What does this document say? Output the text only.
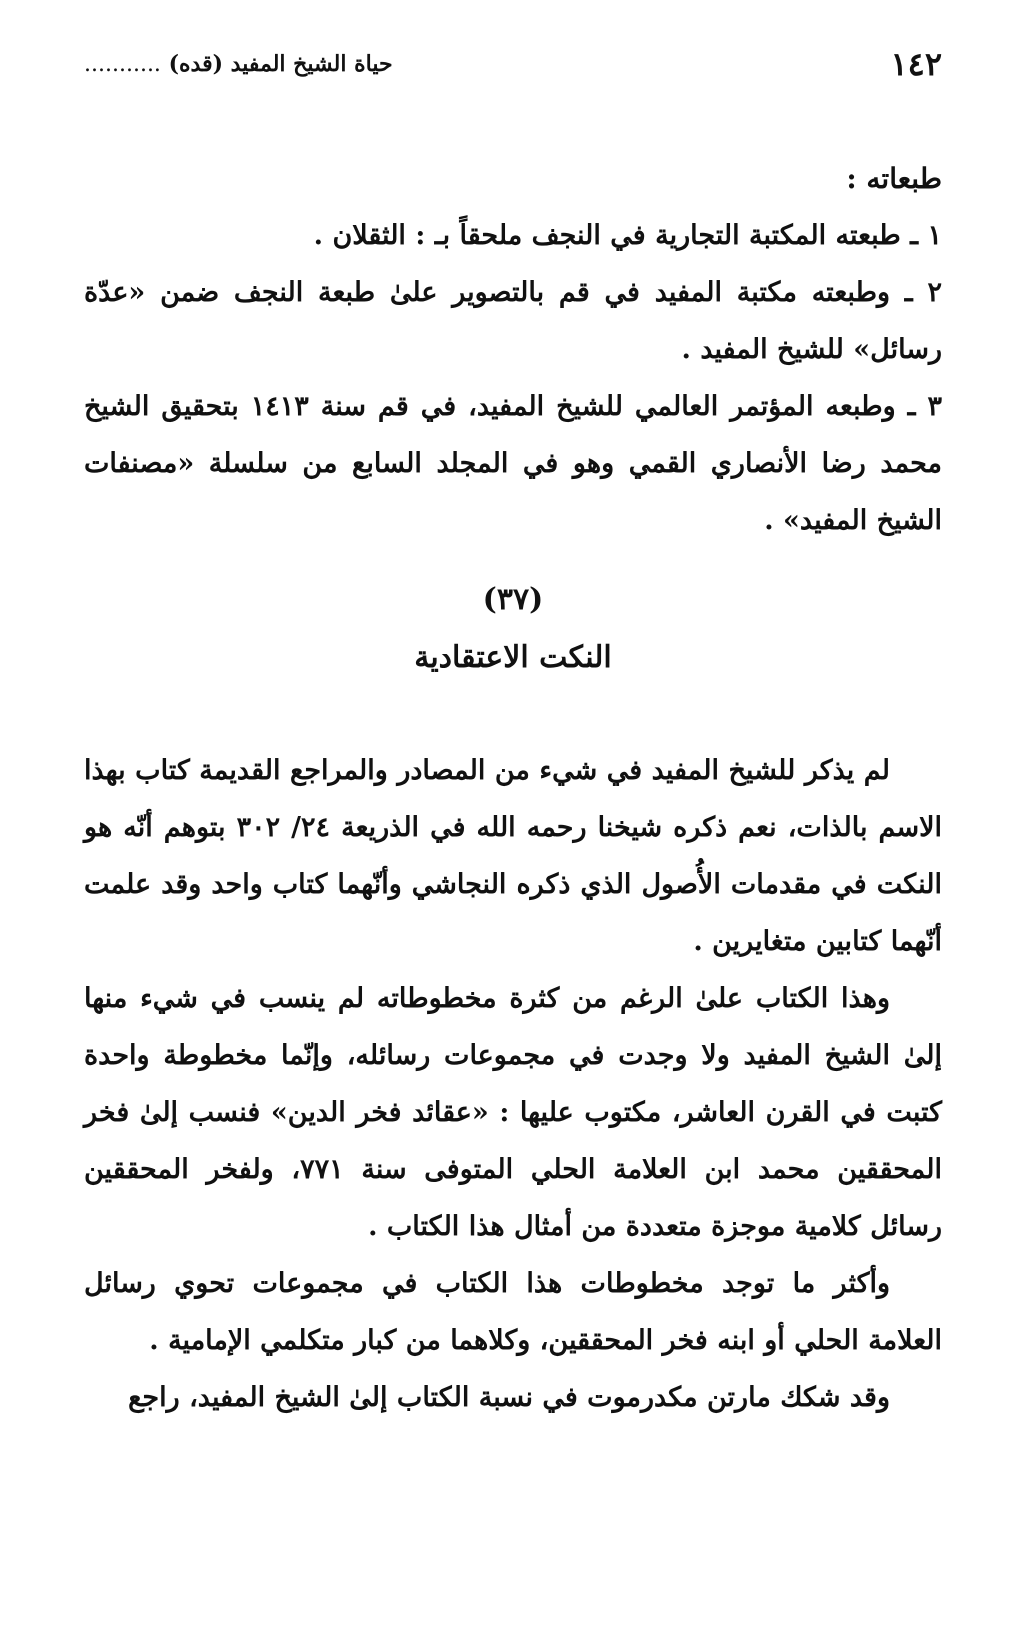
١٤٢
حياة الشيخ المفيد (قده) ...........

طبعاته :

١ ـ طبعته المكتبة التجارية في النجف ملحقاً بـ : الثقلان .

٢ ـ وطبعته مكتبة المفيد في قم بالتصوير علىٰ طبعة النجف ضمن «عدّة رسائل» للشيخ المفيد .

٣ ـ وطبعه المؤتمر العالمي للشيخ المفيد، في قم سنة ١٤١٣ بتحقيق الشيخ محمد رضا الأنصاري القمي وهو في المجلد السابع من سلسلة «مصنفات الشيخ المفيد» .

(٣٧)
النكت الاعتقادية

لم يذكر للشيخ المفيد في شيء من المصادر والمراجع القديمة كتاب بهذا الاسم بالذات، نعم ذكره شيخنا رحمه الله في الذريعة ٢٤/ ٣٠٢ بتوهم أنّه هو النكت في مقدمات الأُصول الذي ذكره النجاشي وأنّهما كتاب واحد وقد علمت أنّهما كتابين متغايرين .

وهذا الكتاب علىٰ الرغم من كثرة مخطوطاته لم ينسب في شيء منها إلىٰ الشيخ المفيد ولا وجدت في مجموعات رسائله، وإنّما مخطوطة واحدة كتبت في القرن العاشر، مكتوب عليها : «عقائد فخر الدين» فنسب إلىٰ فخر المحققين محمد ابن العلامة الحلي المتوفى سنة ٧٧١، ولفخر المحققين رسائل كلامية موجزة متعددة من أمثال هذا الكتاب .

وأكثر ما توجد مخطوطات هذا الكتاب في مجموعات تحوي رسائل العلامة الحلي أو ابنه فخر المحققين، وكلاهما من كبار متكلمي الإمامية .

وقد شكك مارتن مكدرموت في نسبة الكتاب إلىٰ الشيخ المفيد، راجع
